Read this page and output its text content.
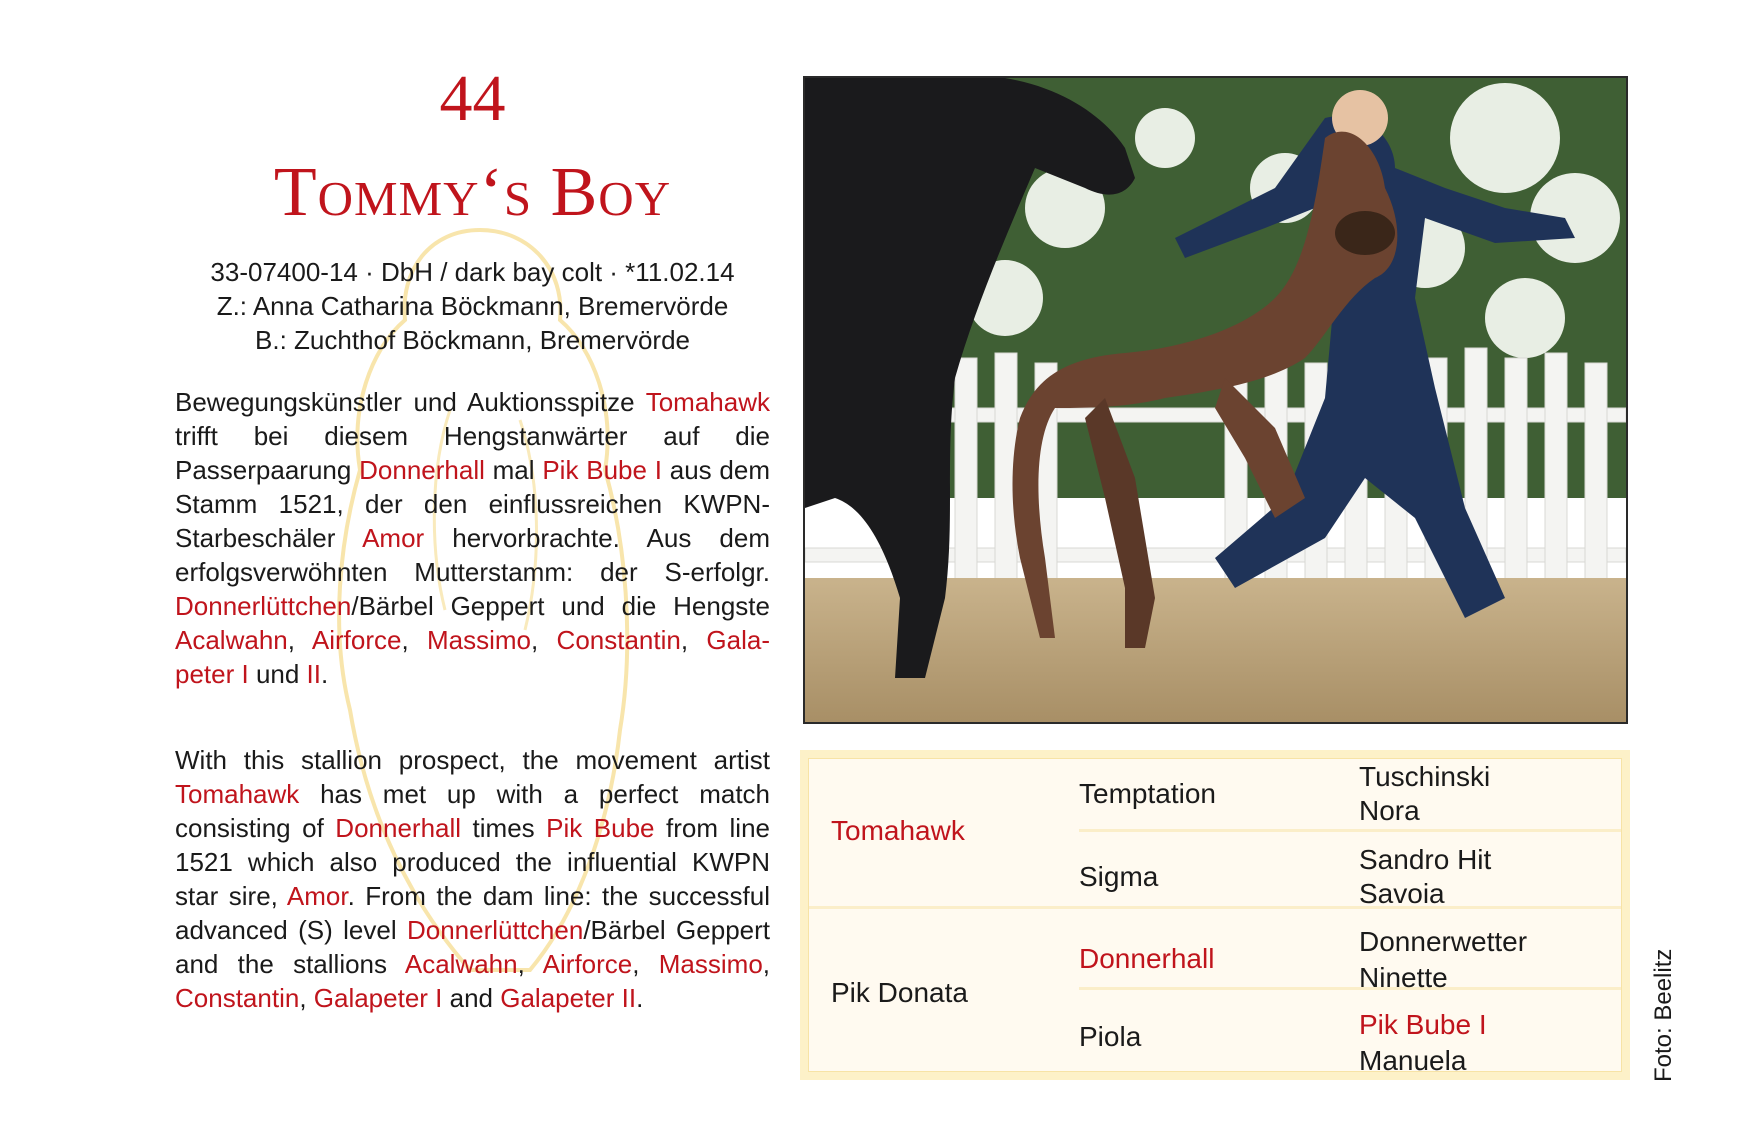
44
Tommy‘s Boy
33-07400-14 · DbH / dark bay colt · *11.02.14
Z.: Anna Catharina Böckmann, Bremervörde
B.: Zuchthof Böckmann, Bremervörde
Bewegungskünstler und Auktionsspitze Tomahawk trifft bei diesem Hengstanwärter auf die Passerpaarung Donnerhall mal Pik Bube I aus dem Stamm 1521, der den einflussreichen KWPN-Starbeschäler Amor hervorbrachte. Aus dem erfolgsverwöhnten Mutterstamm: der S-erfolgr. Donnerlüttchen/Bärbel Geppert und die Hengste Acalwahn, Airforce, Massimo, Constantin, Galapeter I und II.
With this stallion prospect, the movement artist Tomahawk has met up with a perfect match consisting of Donnerhall times Pik Bube from line 1521 which also produced the influential KWPN star sire, Amor. From the dam line: the successful advanced (S) level Donnerlüttchen/Bärbel Geppert and the stallions Acalwahn, Airforce, Massimo, Constantin, Galapeter I and Galapeter II.
Tomahawk
Pik Donata
Temptation
Sigma
Donnerhall
Piola
Tuschinski
Nora
Sandro Hit
Savoia
Donnerwetter
Ninette
Pik Bube I
Manuela	Foto: Beelitz
